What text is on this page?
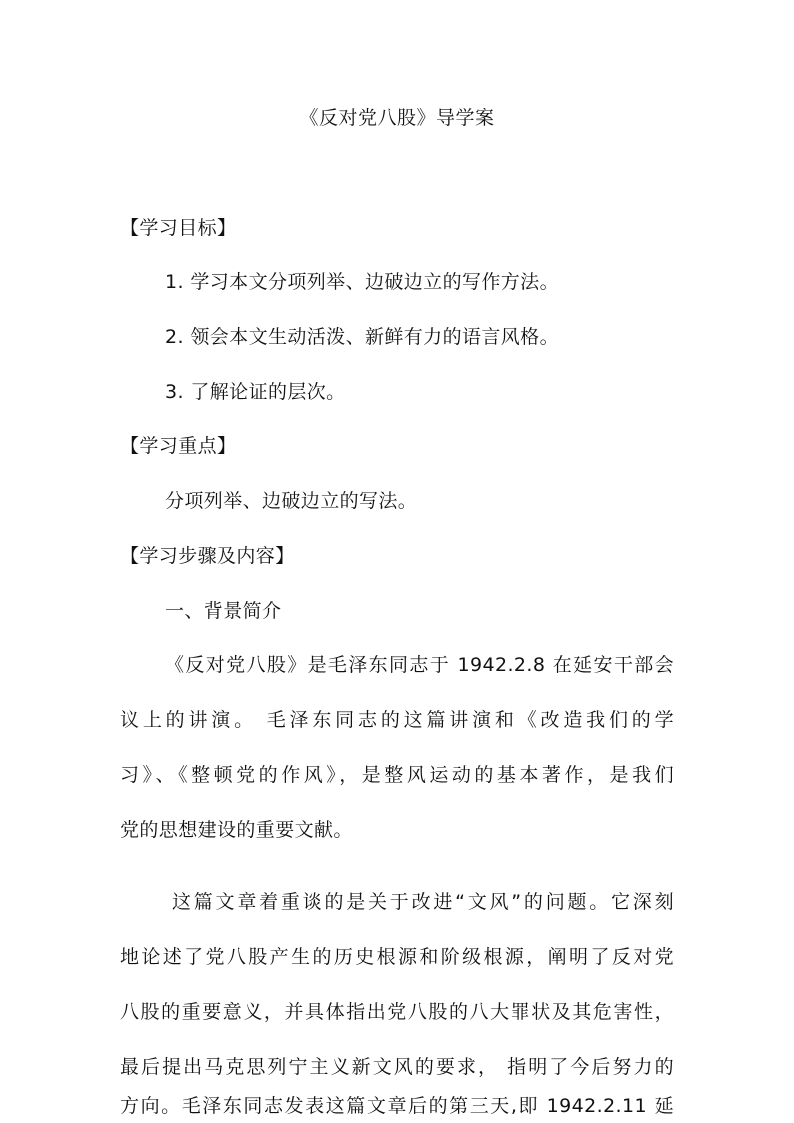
《反对党八股》导学案
【学习目标】
1. 学习本文分项列举、边破边立的写作方法。
2. 领会本文生动活泼、新鲜有力的语言风格。
3. 了解论证的层次。
【学习重点】
分项列举、边破边立的写法。
【学习步骤及内容】
一、背景简介
《反对党八股》是毛泽东同志于 1942.2.8 在延安干部会
议上的讲演。 毛泽东同志的这篇讲演和《改造我们的学
习》、《整顿党的作风》，是整风运动的基本著作，是我们
党的思想建设的重要文献。
这篇文章着重谈的是关于改进“文风”的问题。它深刻
地论述了党八股产生的历史根源和阶级根源，阐明了反对党
八股的重要意义，并具体指出党八股的八大罪状及其危害性，
最后提出马克思列宁主义新文风的要求， 指明了今后努力的
方向。毛泽东同志发表这篇文章后的第三天,即 1942.2.11 延
